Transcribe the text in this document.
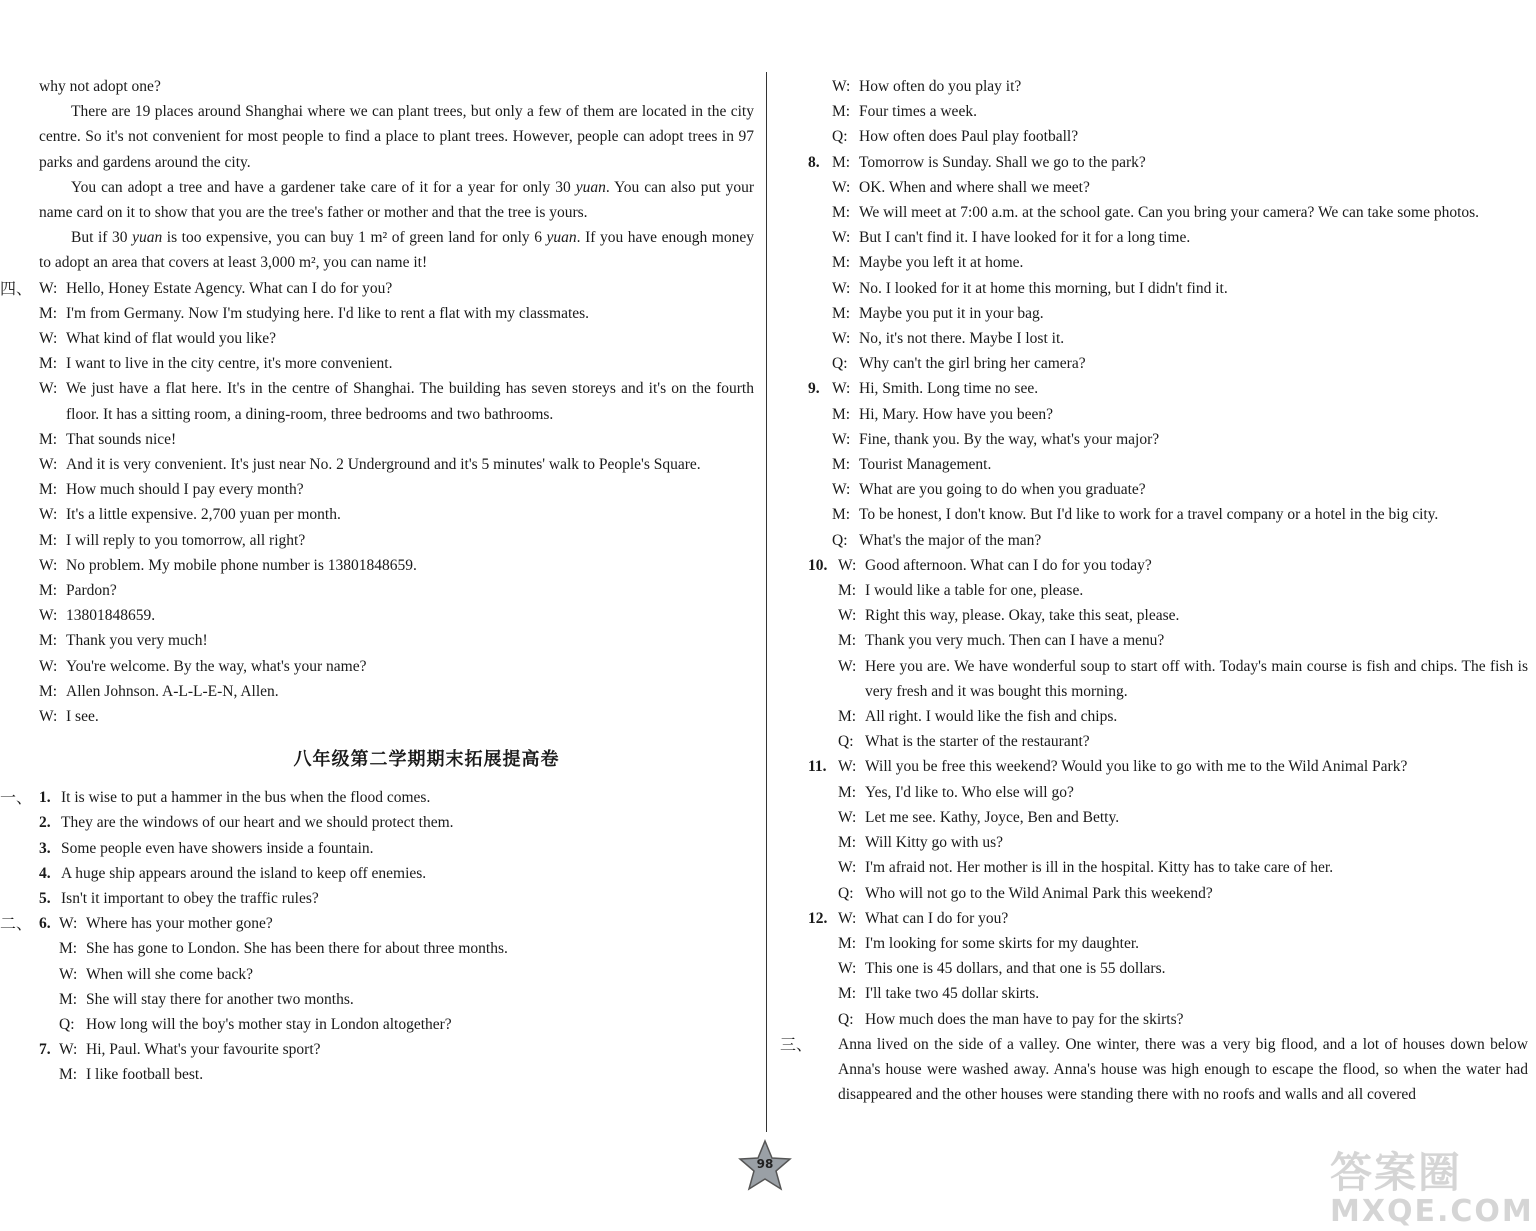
why not adopt one?
There are 19 places around Shanghai where we can plant trees, but only a few of them are located in the city centre. So it's not convenient for most people to find a place to plant trees. However, people can adopt trees in 97 parks and gardens around the city.
You can adopt a tree and have a gardener take care of it for a year for only 30 yuan. You can also put your name card on it to show that you are the tree's father or mother and that the tree is yours.
But if 30 yuan is too expensive, you can buy 1 m² of green land for only 6 yuan. If you have enough money to adopt an area that covers at least 3,000 m², you can name it!
四、 W: Hello, Honey Estate Agency. What can I do for you?
M: I'm from Germany. Now I'm studying here. I'd like to rent a flat with my classmates.
W: What kind of flat would you like?
M: I want to live in the city centre, it's more convenient.
W: We just have a flat here. It's in the centre of Shanghai. The building has seven storeys and it's on the fourth floor. It has a sitting room, a dining-room, three bedrooms and two bathrooms.
M: That sounds nice!
W: And it is very convenient. It's just near No. 2 Underground and it's 5 minutes' walk to People's Square.
M: How much should I pay every month?
W: It's a little expensive. 2,700 yuan per month.
M: I will reply to you tomorrow, all right?
W: No problem. My mobile phone number is 13801848659.
M: Pardon?
W: 13801848659.
M: Thank you very much!
W: You're welcome. By the way, what's your name?
M: Allen Johnson. A-L-L-E-N, Allen.
W: I see.
八年级第二学期期末拓展提高卷
一、 1. It is wise to put a hammer in the bus when the flood comes.
2. They are the windows of our heart and we should protect them.
3. Some people even have showers inside a fountain.
4. A huge ship appears around the island to keep off enemies.
5. Isn't it important to obey the traffic rules?
二、 6. W: Where has your mother gone?
M: She has gone to London. She has been there for about three months.
W: When will she come back?
M: She will stay there for another two months.
Q: How long will the boy's mother stay in London altogether?
7. W: Hi, Paul. What's your favourite sport?
M: I like football best.
W: How often do you play it?
M: Four times a week.
Q: How often does Paul play football?
8. M: Tomorrow is Sunday. Shall we go to the park?
W: OK. When and where shall we meet?
M: We will meet at 7:00 a.m. at the school gate. Can you bring your camera? We can take some photos.
W: But I can't find it. I have looked for it for a long time.
M: Maybe you left it at home.
W: No. I looked for it at home this morning, but I didn't find it.
M: Maybe you put it in your bag.
W: No, it's not there. Maybe I lost it.
Q: Why can't the girl bring her camera?
9. W: Hi, Smith. Long time no see.
M: Hi, Mary. How have you been?
W: Fine, thank you. By the way, what's your major?
M: Tourist Management.
W: What are you going to do when you graduate?
M: To be honest, I don't know. But I'd like to work for a travel company or a hotel in the big city.
Q: What's the major of the man?
10. W: Good afternoon. What can I do for you today?
M: I would like a table for one, please.
W: Right this way, please. Okay, take this seat, please.
M: Thank you very much. Then can I have a menu?
W: Here you are. We have wonderful soup to start off with. Today's main course is fish and chips. The fish is very fresh and it was bought this morning.
M: All right. I would like the fish and chips.
Q: What is the starter of the restaurant?
11. W: Will you be free this weekend? Would you like to go with me to the Wild Animal Park?
M: Yes, I'd like to. Who else will go?
W: Let me see. Kathy, Joyce, Ben and Betty.
M: Will Kitty go with us?
W: I'm afraid not. Her mother is ill in the hospital. Kitty has to take care of her.
Q: Who will not go to the Wild Animal Park this weekend?
12. W: What can I do for you?
M: I'm looking for some skirts for my daughter.
W: This one is 45 dollars, and that one is 55 dollars.
M: I'll take two 45 dollar skirts.
Q: How much does the man have to pay for the skirts?
三、	Anna lived on the side of a valley. One winter, there was a very big flood, and a lot of houses down below Anna's house were washed away. Anna's house was high enough to escape the flood, so when the water had disappeared and the other houses were standing there with no roofs and walls and all covered
98	答案圈
MXQE.COM
